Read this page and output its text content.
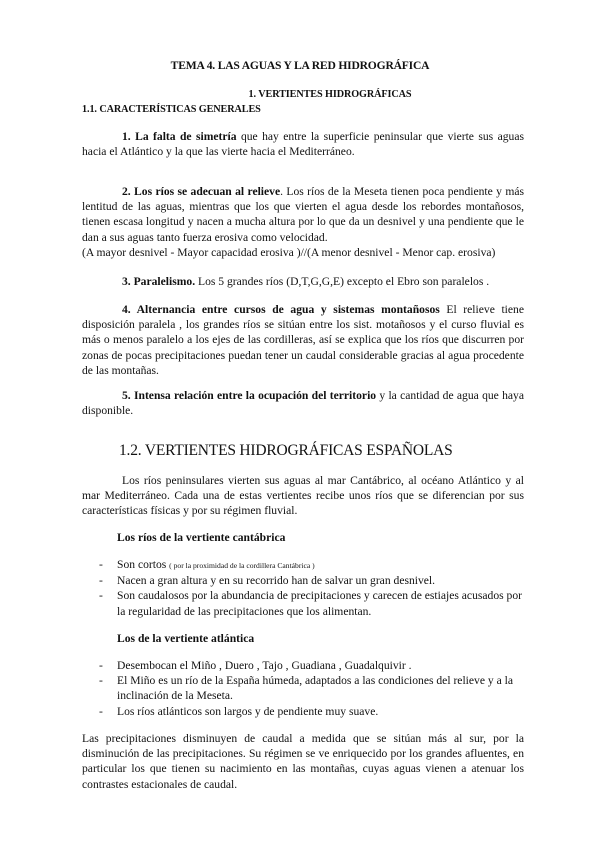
TEMA 4. LAS AGUAS Y LA RED HIDROGRÁFICA
1. VERTIENTES HIDROGRÁFICAS
1.1. CARACTERÍSTICAS GENERALES
1. La falta de simetría que hay entre la superficie peninsular que vierte sus aguas hacia el Atlántico y la que las vierte hacia el Mediterráneo.
2. Los ríos se adecuan al relieve. Los ríos de la Meseta tienen poca pendiente y más lentitud de las aguas, mientras que los que vierten el agua desde los rebordes montañosos, tienen escasa longitud y nacen a mucha altura por lo que da un desnivel y una pendiente que le dan a sus aguas tanto fuerza erosiva como velocidad.
(A mayor desnivel - Mayor capacidad erosiva )//(A menor desnivel - Menor cap. erosiva)
3. Paralelismo. Los 5 grandes ríos (D,T,G,G,E) excepto el Ebro son paralelos .
4. Alternancia entre cursos de agua y sistemas montañosos El relieve tiene disposición paralela , los grandes ríos se sitúan entre los sist. motañosos y el curso fluvial es más o menos paralelo a los ejes de las cordilleras, así se explica que los ríos que discurren por zonas de pocas precipitaciones puedan tener un caudal considerable gracias al agua procedente de las montañas.
5. Intensa relación entre la ocupación del territorio y la cantidad de agua que haya disponible.
1.2. VERTIENTES HIDROGRÁFICAS ESPAÑOLAS
Los ríos peninsulares vierten sus aguas al mar Cantábrico, al océano Atlántico y al mar Mediterráneo. Cada una de estas vertientes recibe unos ríos que se diferencian por sus características físicas y por su régimen fluvial.
Los ríos de la vertiente cantábrica
- Son cortos ( por la proximidad de la cordillera Cantábrica )
- Nacen a gran altura y en su recorrido han de salvar un gran desnivel.
- Son caudalosos por la abundancia de precipitaciones y carecen de estiajes acusados por la regularidad de las precipitaciones que los alimentan.
Los de la vertiente atlántica
- Desembocan el Miño , Duero , Tajo , Guadiana , Guadalquivir .
- El Miño es un río de la España húmeda, adaptados a las condiciones del relieve y a la inclinación de la Meseta.
- Los ríos atlánticos son largos y de pendiente muy suave.
Las precipitaciones disminuyen de caudal a medida que se sitúan más al sur, por la disminución de las precipitaciones. Su régimen se ve enriquecido por los grandes afluentes, en particular los que tienen su nacimiento en las montañas, cuyas aguas vienen a atenuar los contrastes estacionales de caudal.
